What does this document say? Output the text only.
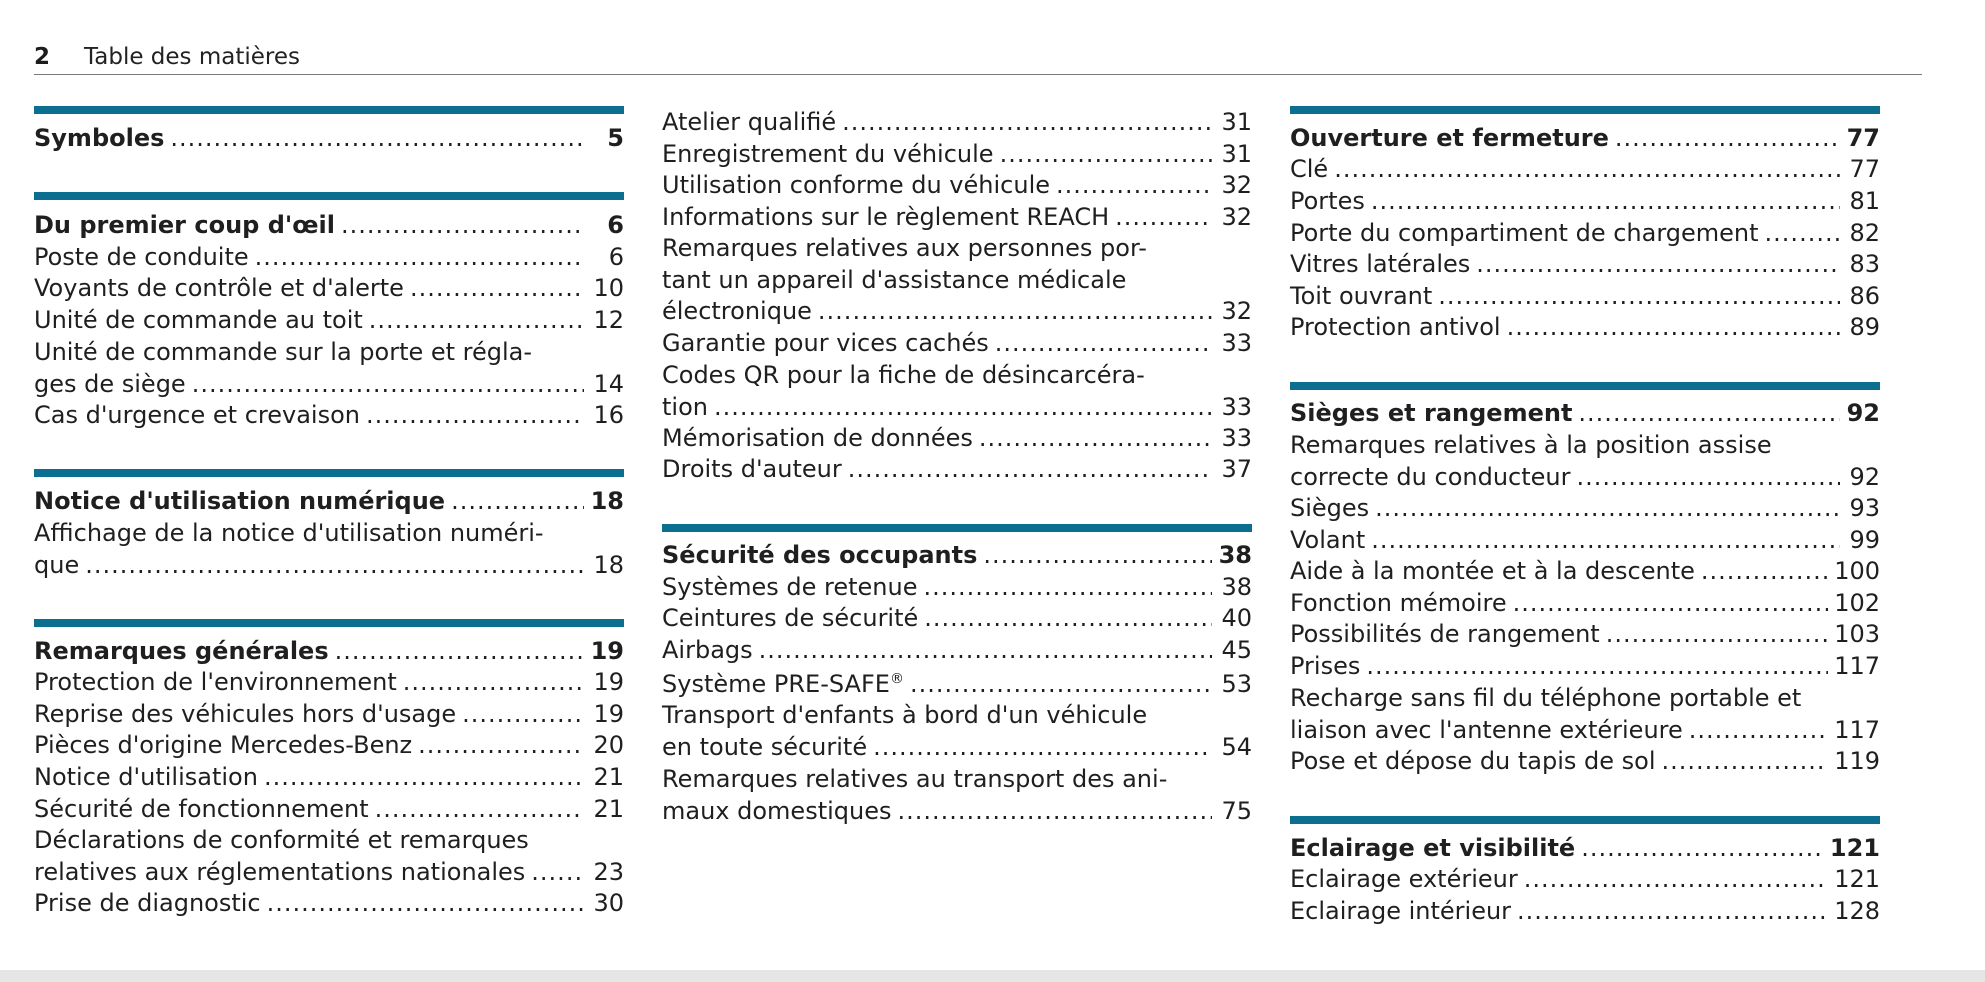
2 Table des matières
Symboles .....	5
Du premier coup d'œil .....	6
Poste de conduite .....	6
Voyants de contrôle et d'alerte .....	10
Unité de commande au toit .....	12
Unité de commande sur la porte et régla-
ges de siège .....	14
Cas d'urgence et crevaison .....	16
Notice d'utilisation numérique .....	18
Affichage de la notice d'utilisation numéri-
que .....	18
Remarques générales .....	19
Protection de l'environnement .....	19
Reprise des véhicules hors d'usage .....	19
Pièces d'origine Mercedes-Benz .....	20
Notice d'utilisation .....	21
Sécurité de fonctionnement .....	21
Déclarations de conformité et remarques
relatives aux réglementations nationales .....	23
Prise de diagnostic .....	30
Atelier qualifié .....	31
Enregistrement du véhicule .....	31
Utilisation conforme du véhicule .....	32
Informations sur le règlement REACH .....	32
Remarques relatives aux personnes por-
tant un appareil d'assistance médicale
électronique .....	32
Garantie pour vices cachés .....	33
Codes QR pour la fiche de désincarcéra-
tion .....	33
Mémorisation de données .....	33
Droits d'auteur .....	37
Sécurité des occupants .....	38
Systèmes de retenue .....	38
Ceintures de sécurité .....	40
Airbags .....	45
Système PRE-SAFE® .....	53
Transport d'enfants à bord d'un véhicule
en toute sécurité .....	54
Remarques relatives au transport des ani-
maux domestiques .....	75
Ouverture et fermeture .....	77
Clé .....	77
Portes .....	81
Porte du compartiment de chargement .....	82
Vitres latérales .....	83
Toit ouvrant .....	86
Protection antivol .....	89
Sièges et rangement .....	92
Remarques relatives à la position assise
correcte du conducteur .....	92
Sièges .....	93
Volant .....	99
Aide à la montée et à la descente .....	100
Fonction mémoire .....	102
Possibilités de rangement .....	103
Prises .....	117
Recharge sans fil du téléphone portable et
liaison avec l'antenne extérieure .....	117
Pose et dépose du tapis de sol .....	119
Eclairage et visibilité .....	121
Eclairage extérieur .....	121
Eclairage intérieur .....	128
